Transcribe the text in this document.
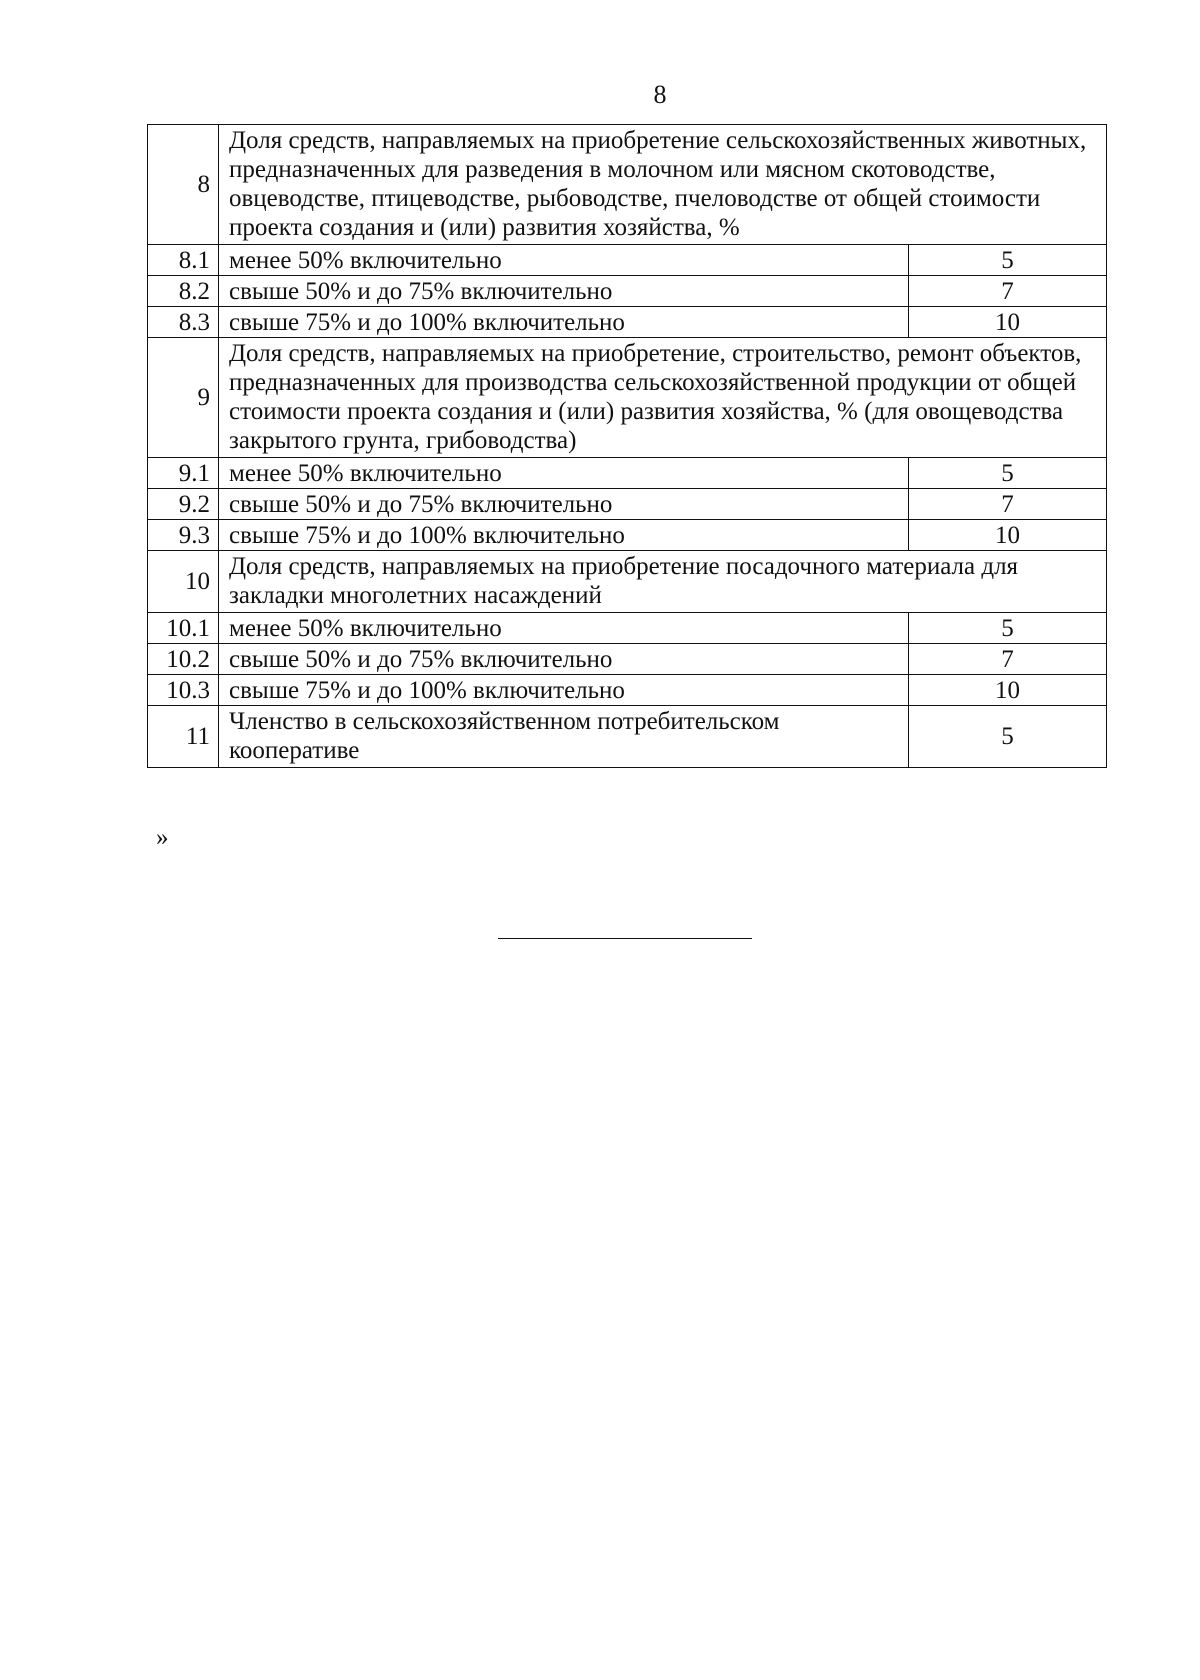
8
8	Доля средств, направляемых на приобретение сельскохозяйственных животных, предназначенных для разведения в молочном или мясном скотоводстве, овцеводстве, птицеводстве, рыбоводстве, пчеловодстве от общей стоимости проекта создания и (или) развития хозяйства, %	
8.1	менее 50% включительно	5
8.2	свыше 50% и до 75% включительно	7
8.3	свыше 75% и до 100% включительно	10
9	Доля средств, направляемых на приобретение, строительство, ремонт объектов, предназначенных для производства сельскохозяйственной продукции от общей стоимости проекта создания и (или) развития хозяйства, % (для овощеводства закрытого грунта, грибоводства)	
9.1	менее 50% включительно	5
9.2	свыше 50% и до 75% включительно	7
9.3	свыше 75% и до 100% включительно	10
10	Доля средств, направляемых на приобретение посадочного материала для закладки многолетних насаждений	
10.1	менее 50% включительно	5
10.2	свыше 50% и до 75% включительно	7
10.3	свыше 75% и до 100% включительно	10
11	Членство в сельскохозяйственном потребительском кооперативе	5
»
